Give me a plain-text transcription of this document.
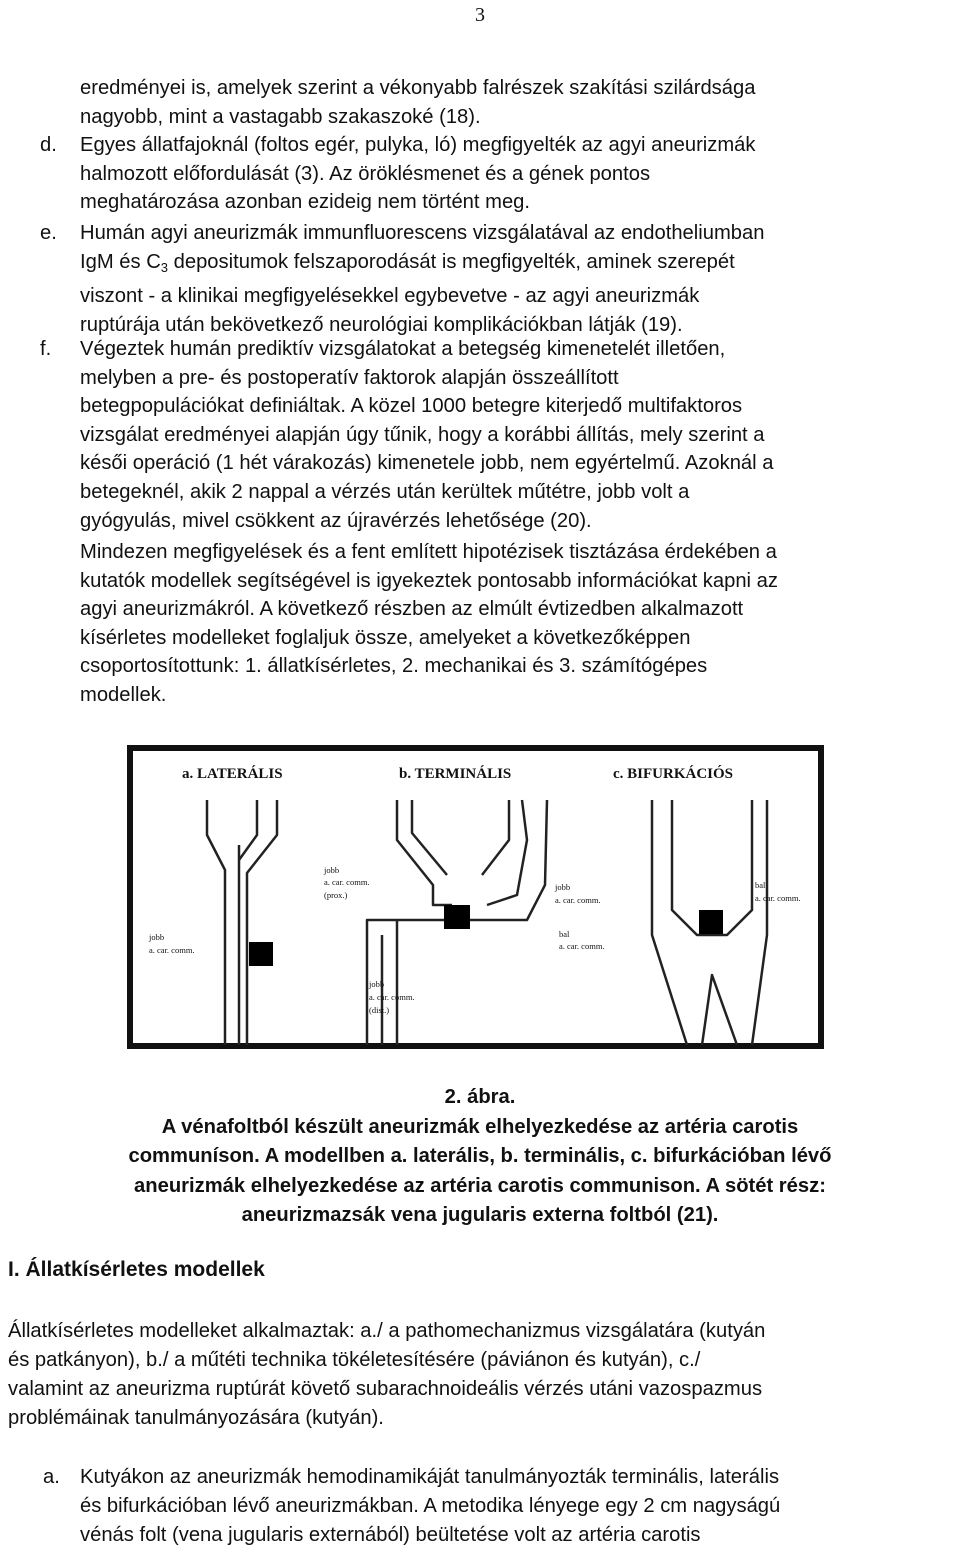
3
eredményei is, amelyek szerint a vékonyabb falrészek szakítási szilárdsága
nagyobb, mint a vastagabb szakaszoké (18).
d.	Egyes állatfajoknál (foltos egér, pulyka, ló) megfigyelték az agyi aneurizmák
halmozott előfordulását (3). Az öröklésmenet és a gének pontos
meghatározása azonban ezideig nem történt meg.
e.	Humán agyi aneurizmák immunfluorescens vizsgálatával az endotheliumban
IgM és $C_3$ depositumok felszaporodását is megfigyelték, aminek szerepét
viszont - a klinikai megfigyelésekkel egybevetve - az agyi aneurizmák
ruptúrája után bekövetkező neurológiai komplikációkban látják (19).
f.	Végeztek humán prediktív vizsgálatokat a betegség kimenetelét illetően,
melyben a pre- és postoperatív faktorok alapján összeállított
betegpopulációkat definiáltak. A közel 1000 betegre kiterjedő multifaktoros
vizsgálat eredményei alapján úgy tűnik, hogy a korábbi állítás, mely szerint a
késői operáció (1 hét várakozás) kimenetele jobb, nem egyértelmű. Azoknál a
betegeknél, akik 2 nappal a vérzés után kerültek műtétre, jobb volt a
gyógyulás, mivel csökkent az újravérzés lehetősége (20).
Mindezen megfigyelések és a fent említett hipotézisek tisztázása érdekében a
kutatók modellek segítségével is igyekeztek pontosabb információkat kapni az
agyi aneurizmákról. A következő részben az elmúlt évtizedben alkalmazott
kísérletes modelleket foglaljuk össze, amelyeket a következőképpen
csoportosítottunk: 1. állatkísérletes, 2. mechanikai és 3. számítógépes
modellek.
a. LATERÁLIS	b. TERMINÁLIS	c. BIFURKÁCIÓS
jobb
a. car. comm.
jobb
a. car. comm.
(prox.)
bal
a. car. comm.
jobb
a. car. comm.
(dist.)
jobb
a. car. comm.
bal
a. car. comm.
2. ábra.
A vénafoltból készült aneurizmák elhelyezkedése az artéria carotis
communíson. A modellben a. laterális, b. terminális, c. bifurkációban lévő
aneurizmák elhelyezkedése az artéria carotis communison. A sötét rész:
aneurizmazsák vena jugularis externa foltból (21).
I. Állatkísérletes modellek
Állatkísérletes modelleket alkalmaztak: a./ a pathomechanizmus vizsgálatára (kutyán
és patkányon), b./ a műtéti technika tökéletesítésére (páviánon és kutyán), c./
valamint az aneurizma ruptúrát követő subarachnoideális vérzés utáni vazospazmus
problémáinak tanulmányozására (kutyán).
a. Kutyákon az aneurizmák hemodinamikáját tanulmányozták terminális, laterális
és bifurkációban lévő aneurizmákban. A metodika lényege egy 2 cm nagyságú
vénás folt (vena jugularis externából) beültetése volt az artéria carotis
